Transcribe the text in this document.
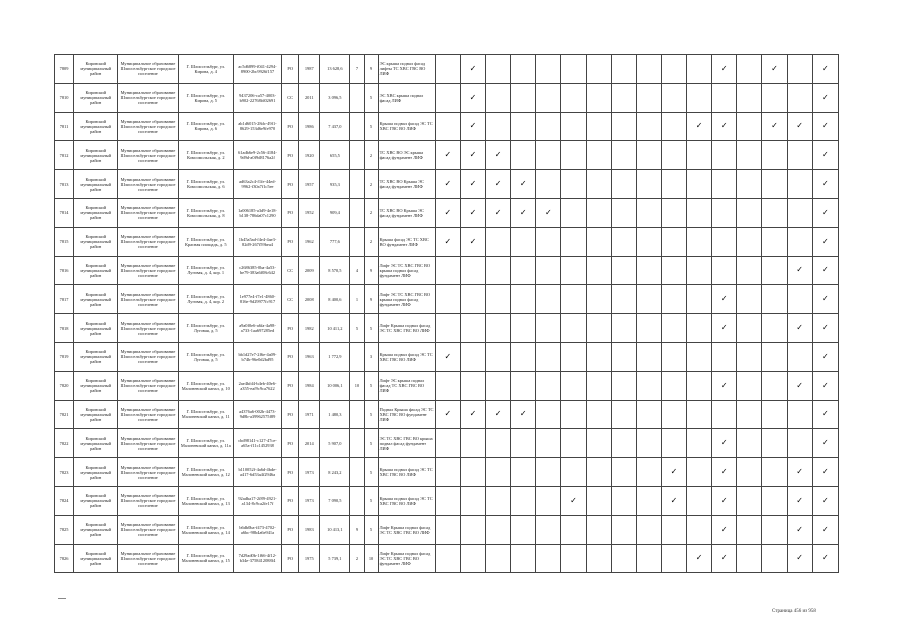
7809	Кировский муниципальный район	Муниципальное образование Шлиссельбургское городское поселение	Г. Шлиссельбург, ул. Кирова, д. 4	ac5d6899-f041-4294-8900-2bc9926f157	РО	1987	13 628,6	7	9	ЭС крыша подвал фасад лифты ТС ХВС ГВС ВО ЛИФ		✓										✓		✓		✓
7810	Кировский муниципальный район	Муниципальное образование Шлиссельбургское городское поселение	Г. Шлиссельбург, ул. Кирова, д. 5	9437206-ca57-4003-b902-22768fd02691	СС	2011	3 096,5		5	ЭС ХВС крыша подвал фасад ЛИФ		✓														✓
7811	Кировский муниципальный район	Муниципальное образование Шлиссельбургское городское поселение	Г. Шлиссельбург, ул. Кирова, д. 6	ab1d6015-28dc-49f1-8629-153d6e9fe970	РО	1986	7 437,0		5	Крыша подвал фасад ЭС ТС ХВС ГВС ВО ЛИФ		✓									✓	✓		✓	✓	✓
7812	Кировский муниципальный район	Муниципальное образование Шлиссельбургское городское поселение	Г. Шлиссельбург, ул. Комсомольская, д. 2	61adb6e9-2c56-4184-9d9d-a0f9d8176a2f	РО	1920	655,5		2	ТС ХВС ВО ЭС крыша фасад фундамент ЛИФ	✓	✓	✓													✓
7813	Кировский муниципальный район	Муниципальное образование Шлиссельбургское городское поселение	Г. Шлиссельбург, ул. Комсомольская, д. 6	ad63a2c4-f1fe-44ed-9962-f30a7f1c5ee	РО	1957	935,3		2	ТС ХВС ВО Крыша ЭС фасад фундамент ЛИФ	✓	✓	✓	✓												✓
7814	Кировский муниципальный район	Муниципальное образование Шлиссельбургское городское поселение	Г. Шлиссельбург, ул. Комсомольская, д. 8	1a006185-a3d9-4e18-b138-786da07c1290	РО	1952	909,4		2	ТС ХВС ВО Крыша ЭС фасад фундамент ЛИФ	✓	✓	✓	✓	✓											✓
7815	Кировский муниципальный район	Муниципальное образование Шлиссельбургское городское поселение	Г. Шлиссельбург, ул. Красная площадь, д. 5	1b45a5ad-f4e4-4ae3-82d9-267f59bea4	РО	1962	777,6		2	Крыша фасад ЭС ТС ХВС ВО фундамент ЛИФ	✓	✓														✓
7816	Кировский муниципальный район	Муниципальное образование Шлиссельбургское городское поселение	Г. Шлиссельбург, ул. Луговая, д. 4, кор. 1	c2686385-0ba-4a53-be79-383a6f08c642	СС	2009	8 570,5	4	9	Лифт ЭС ТС ХВС ГВС ВО крыша подвал фасад фундамент ЛИФ															✓	✓
7817	Кировский муниципальный район	Муниципальное образование Шлиссельбургское городское поселение	Г. Шлиссельбург, ул. Луговая, д. 4, кор. 2	1e977e4-f7e1-4860-816e-9d29977fc917	СС	2008	8 400,6	1	9	Лифт ЭС ТС ХВС ГВС ВО крыша подвал фасад фундамент ЛИФ												✓				✓
7818	Кировский муниципальный район	Муниципальное образование Шлиссельбургское городское поселение	Г. Шлиссельбург, ул. Луговая, д. 5	a9a0f0e6-a6fa-4a98-a733-1aa697285ed	РО	1982	10 411,2	5	5	Лифт Крыша подвал фасад ЭС ТС ХВС ГВС ВО ЛИФ												✓			✓	✓
7819	Кировский муниципальный район	Муниципальное образование Шлиссельбургское городское поселение	Г. Шлиссельбург, ул. Луговая, д. 5	bb1d27e7-2f6e-4a09-b74b-96e0d2bd95	РО	1963	1 772,9		3	Крыша подвал фасад ЭС ТС ХВС ГВС ВО ЛИФ	✓															✓
7820	Кировский муниципальный район	Муниципальное образование Шлиссельбургское городское поселение	Г. Шлиссельбург, ул. Малоневский канал, д. 10	2ae4bfd4-b4eb-40e6-a355-eaf9c9ca7622	РО	1984	10 006,1	10	5	Лифт ЭС крыша подвал фасад ТС ХВС ГВС ВО ЛИФ												✓			✓	✓
7821	Кировский муниципальный район	Муниципальное образование Шлиссельбургское городское поселение	Г. Шлиссельбург, ул. Малоневский канал, д. 11	a4376a6-002b-4473-9d8b-a39962575f89	РО	1971	1 480,3		5	Подвал Крыша фасад ЭС ТС ХВС ГВС ВО фундамент ЛИФ	✓	✓	✓	✓												✓
7822	Кировский муниципальный район	Муниципальное образование Шлиссельбургское городское поселение	Г. Шлиссельбург, ул. Малоневский канал, д. 11а	cbd98141-c127-47ce-a65a-f11c1452938	РО	2014	5 907,0		5	ЭС ТС ХВС ГВС ВО крыша подвал фасад фундамент ЛИФ												✓				✓
7823	Кировский муниципальный район	Муниципальное образование Шлиссельбургское городское поселение	Г. Шлиссельбург, ул. Малоневский канал, д. 12	b110052f-4a6d-4bde-a417-6d53a4f2946a	РО	1973	8 243,2		5	Крыша подвал фасад ЭС ТС ХВС ГВС ВО ЛИФ										✓		✓			✓	✓
7824	Кировский муниципальный район	Муниципальное образование Шлиссельбургское городское поселение	Г. Шлиссельбург, ул. Малоневский канал, д. 13	92adba17-2f89-4921-a134-8c9ca2fe17f	РО	1973	7 090,5		5	Крыша подвал фасад ЭС ТС ХВС ГВС ВО ЛИФ						✓				✓		✓			✓	✓
7825	Кировский муниципальный район	Муниципальное образование Шлиссельбургское городское поселение	Г. Шлиссельбург, ул. Малоневский канал, д. 14	b6db0ba-f473-4702-a6bc-98b4a6e941a	РО	1983	10 413,1	9	5	Лифт Крыша подвал фасад ЭС ТС ХВС ГВС ВО ЛИФ												✓			✓	✓
7826	Кировский муниципальный район	Муниципальное образование Шлиссельбургское городское поселение	Г. Шлиссельбург, ул. Малоневский канал, д. 15	7d29ad0b-1f66-4f12-b34e-3758412088f4	РО	1975	5 739,1	2	10	Лифт Крыша подвал фасад ЭС ТС ХВС ГВС ВО фундамент ЛИФ											✓	✓			✓	✓
Страница 456 из 958
